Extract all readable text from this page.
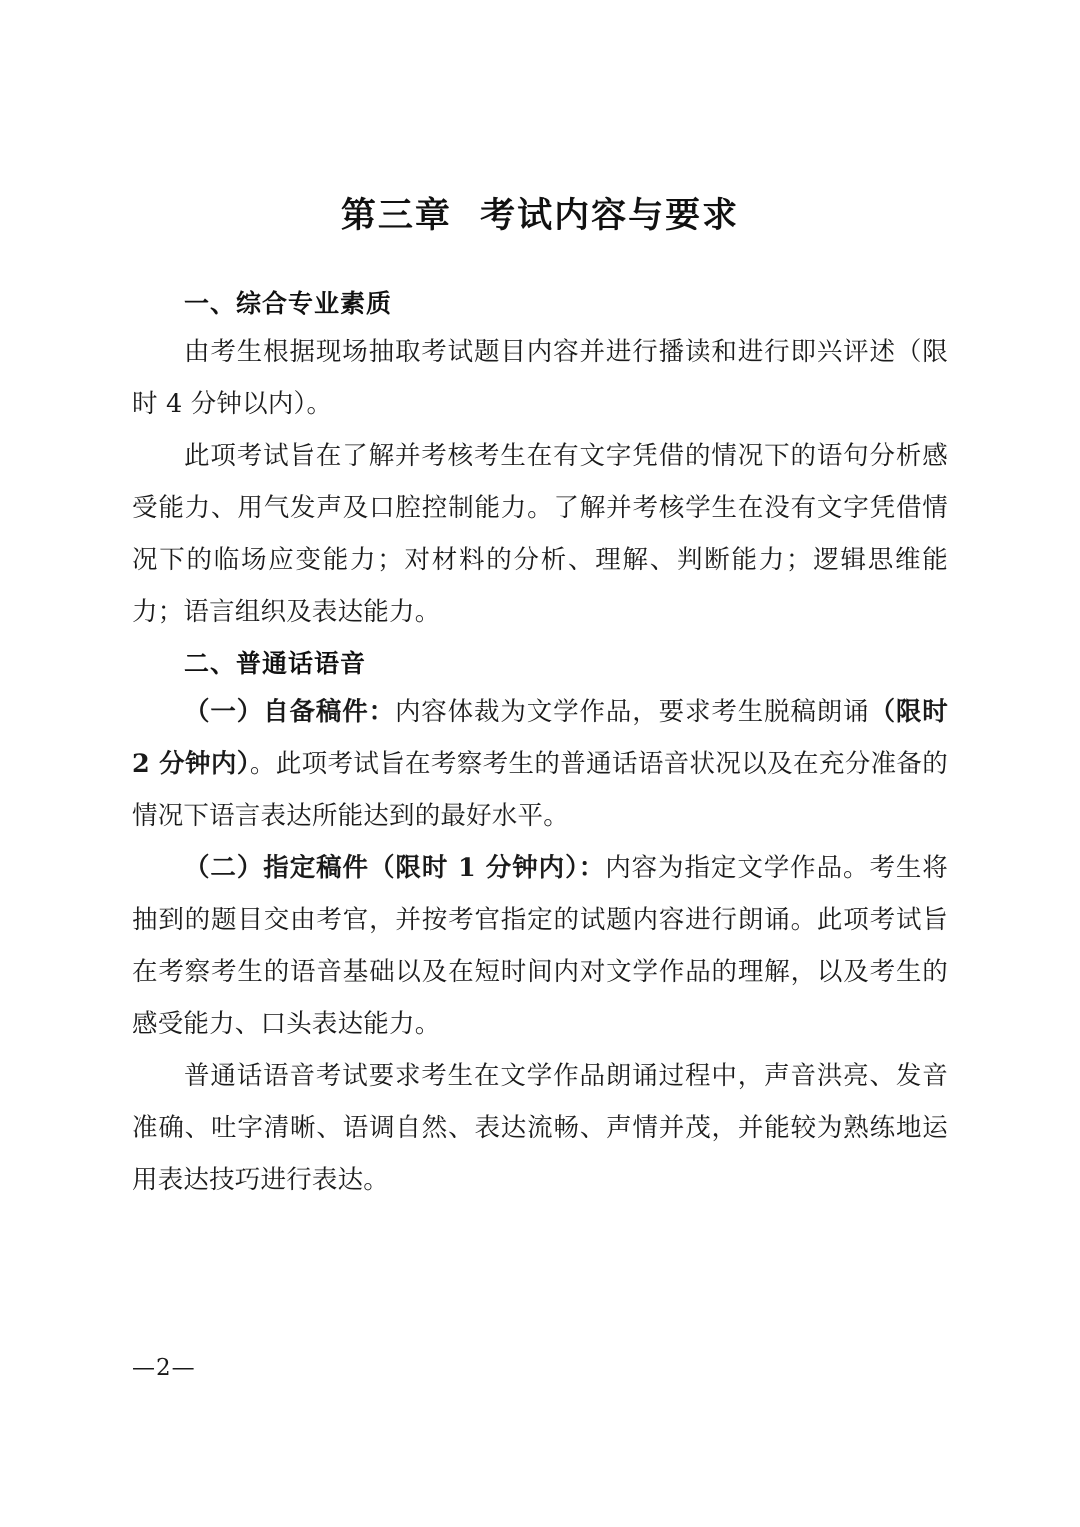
第三章  考试内容与要求
一、综合专业素质

由考生根据现场抽取考试题目内容并进行播读和进行即兴评述（限时 4 分钟以内）。

此项考试旨在了解并考核考生在有文字凭借的情况下的语句分析感受能力、用气发声及口腔控制能力。了解并考核学生在没有文字凭借情况下的临场应变能力；对材料的分析、理解、判断能力；逻辑思维能力；语言组织及表达能力。

二、普通话语音

（一）自备稿件：内容体裁为文学作品，要求考生脱稿朗诵（限时 2 分钟内）。此项考试旨在考察考生的普通话语音状况以及在充分准备的情况下语言表达所能达到的最好水平。

（二）指定稿件（限时 1 分钟内）：内容为指定文学作品。考生将抽到的题目交由考官，并按考官指定的试题内容进行朗诵。此项考试旨在考察考生的语音基础以及在短时间内对文学作品的理解，以及考生的感受能力、口头表达能力。

普通话语音考试要求考生在文学作品朗诵过程中，声音洪亮、发音准确、吐字清晰、语调自然、表达流畅、声情并茂，并能较为熟练地运用表达技巧进行表达。

—2—
